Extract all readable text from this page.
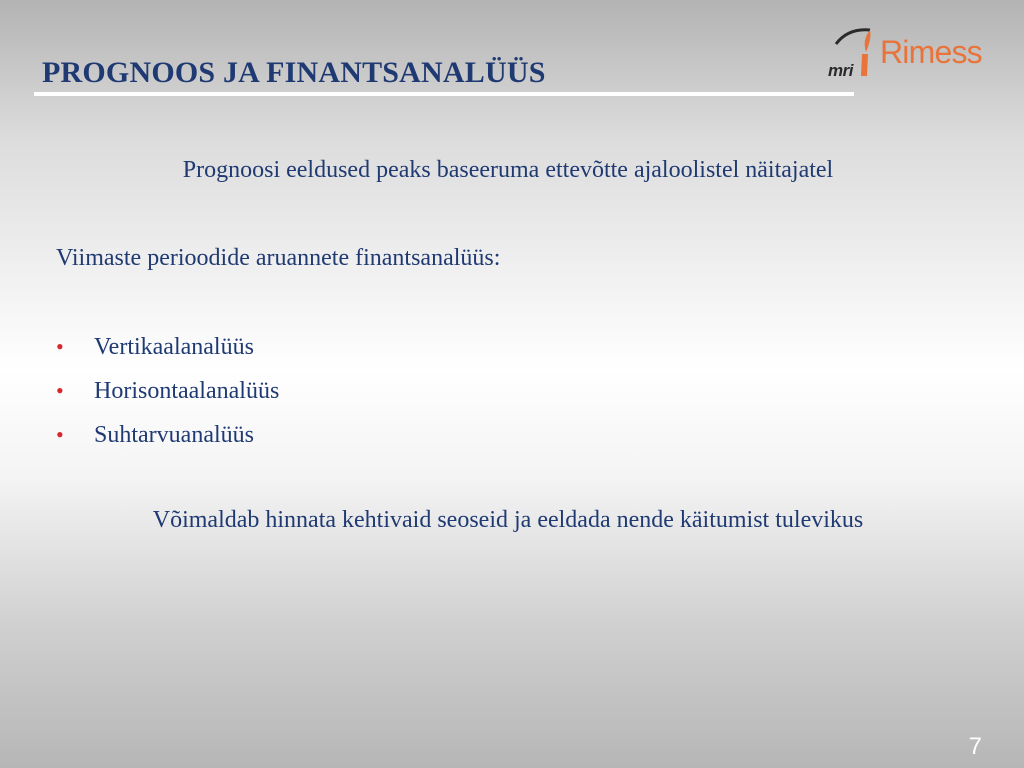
PROGNOOS JA FINANTSANALÜÜS	mri
Rimess

Prognoosi eeldused peaks baseeruma ettevõtte ajaloolistel näitajatel

Viimaste perioodide aruannete finantsanalüüs:

• Vertikaalanalüüs
• Horisontaalanalüüs
• Suhtarvuanalüüs

Võimaldab hinnata kehtivaid seoseid ja eeldada nende käitumist tulevikus

7
